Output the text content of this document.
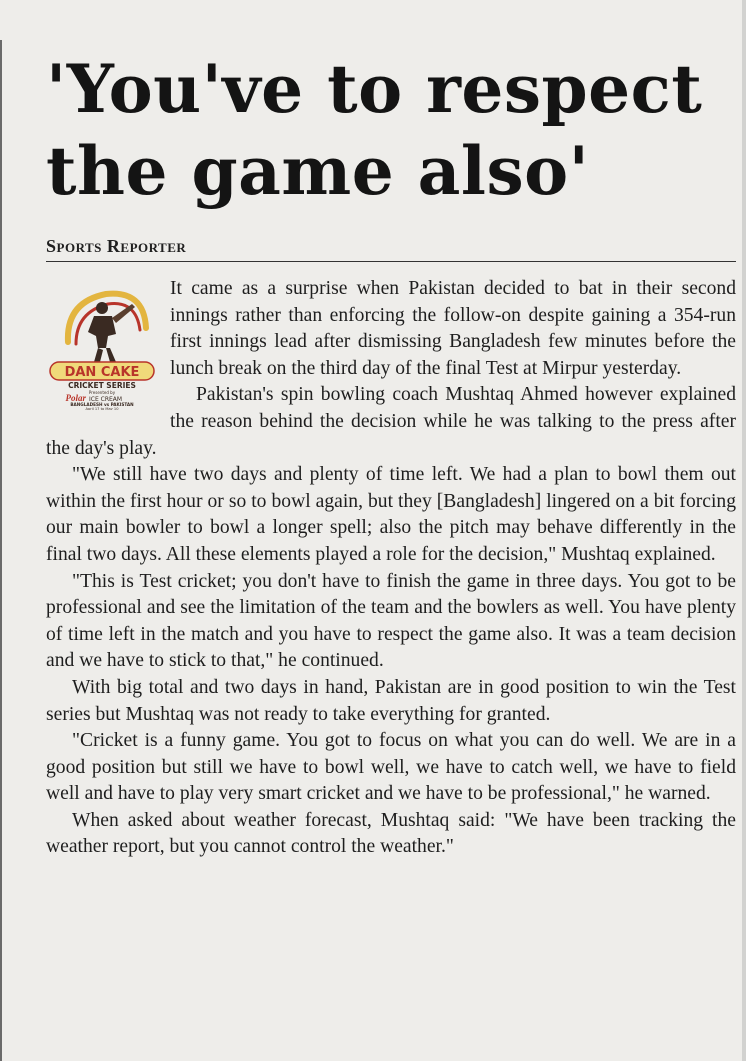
'You've to respect
the game also'
Sports Reporter
DAN CAKE
CRICKET SERIES
Presented by
Polar ICE CREAM
BANGLADESH vs PAKISTAN
April 17 to May 10

It came as a surprise when Pakistan decided to bat in their second innings rather than enforcing the follow-on despite gaining a 354-run first innings lead after dismissing Bangladesh few minutes before the lunch break on the third day of the final Test at Mirpur yesterday.

Pakistan's spin bowling coach Mushtaq Ahmed however explained the reason behind the decision while he was talking to the press after the day's play.

"We still have two days and plenty of time left. We had a plan to bowl them out within the first hour or so to bowl again, but they [Bangladesh] lingered on a bit forcing our main bowler to bowl a longer spell; also the pitch may behave differently in the final two days. All these elements played a role for the decision," Mushtaq explained.

"This is Test cricket; you don't have to finish the game in three days. You got to be professional and see the limitation of the team and the bowlers as well. You have plenty of time left in the match and you have to respect the game also. It was a team decision and we have to stick to that," he continued.

With big total and two days in hand, Pakistan are in good position to win the Test series but Mushtaq was not ready to take everything for granted.

"Cricket is a funny game. You got to focus on what you can do well. We are in a good position but still we have to bowl well, we have to catch well, we have to field well and have to play very smart cricket and we have to be professional," he warned.

When asked about weather forecast, Mushtaq said: "We have been tracking the weather report, but you cannot control the weather."
